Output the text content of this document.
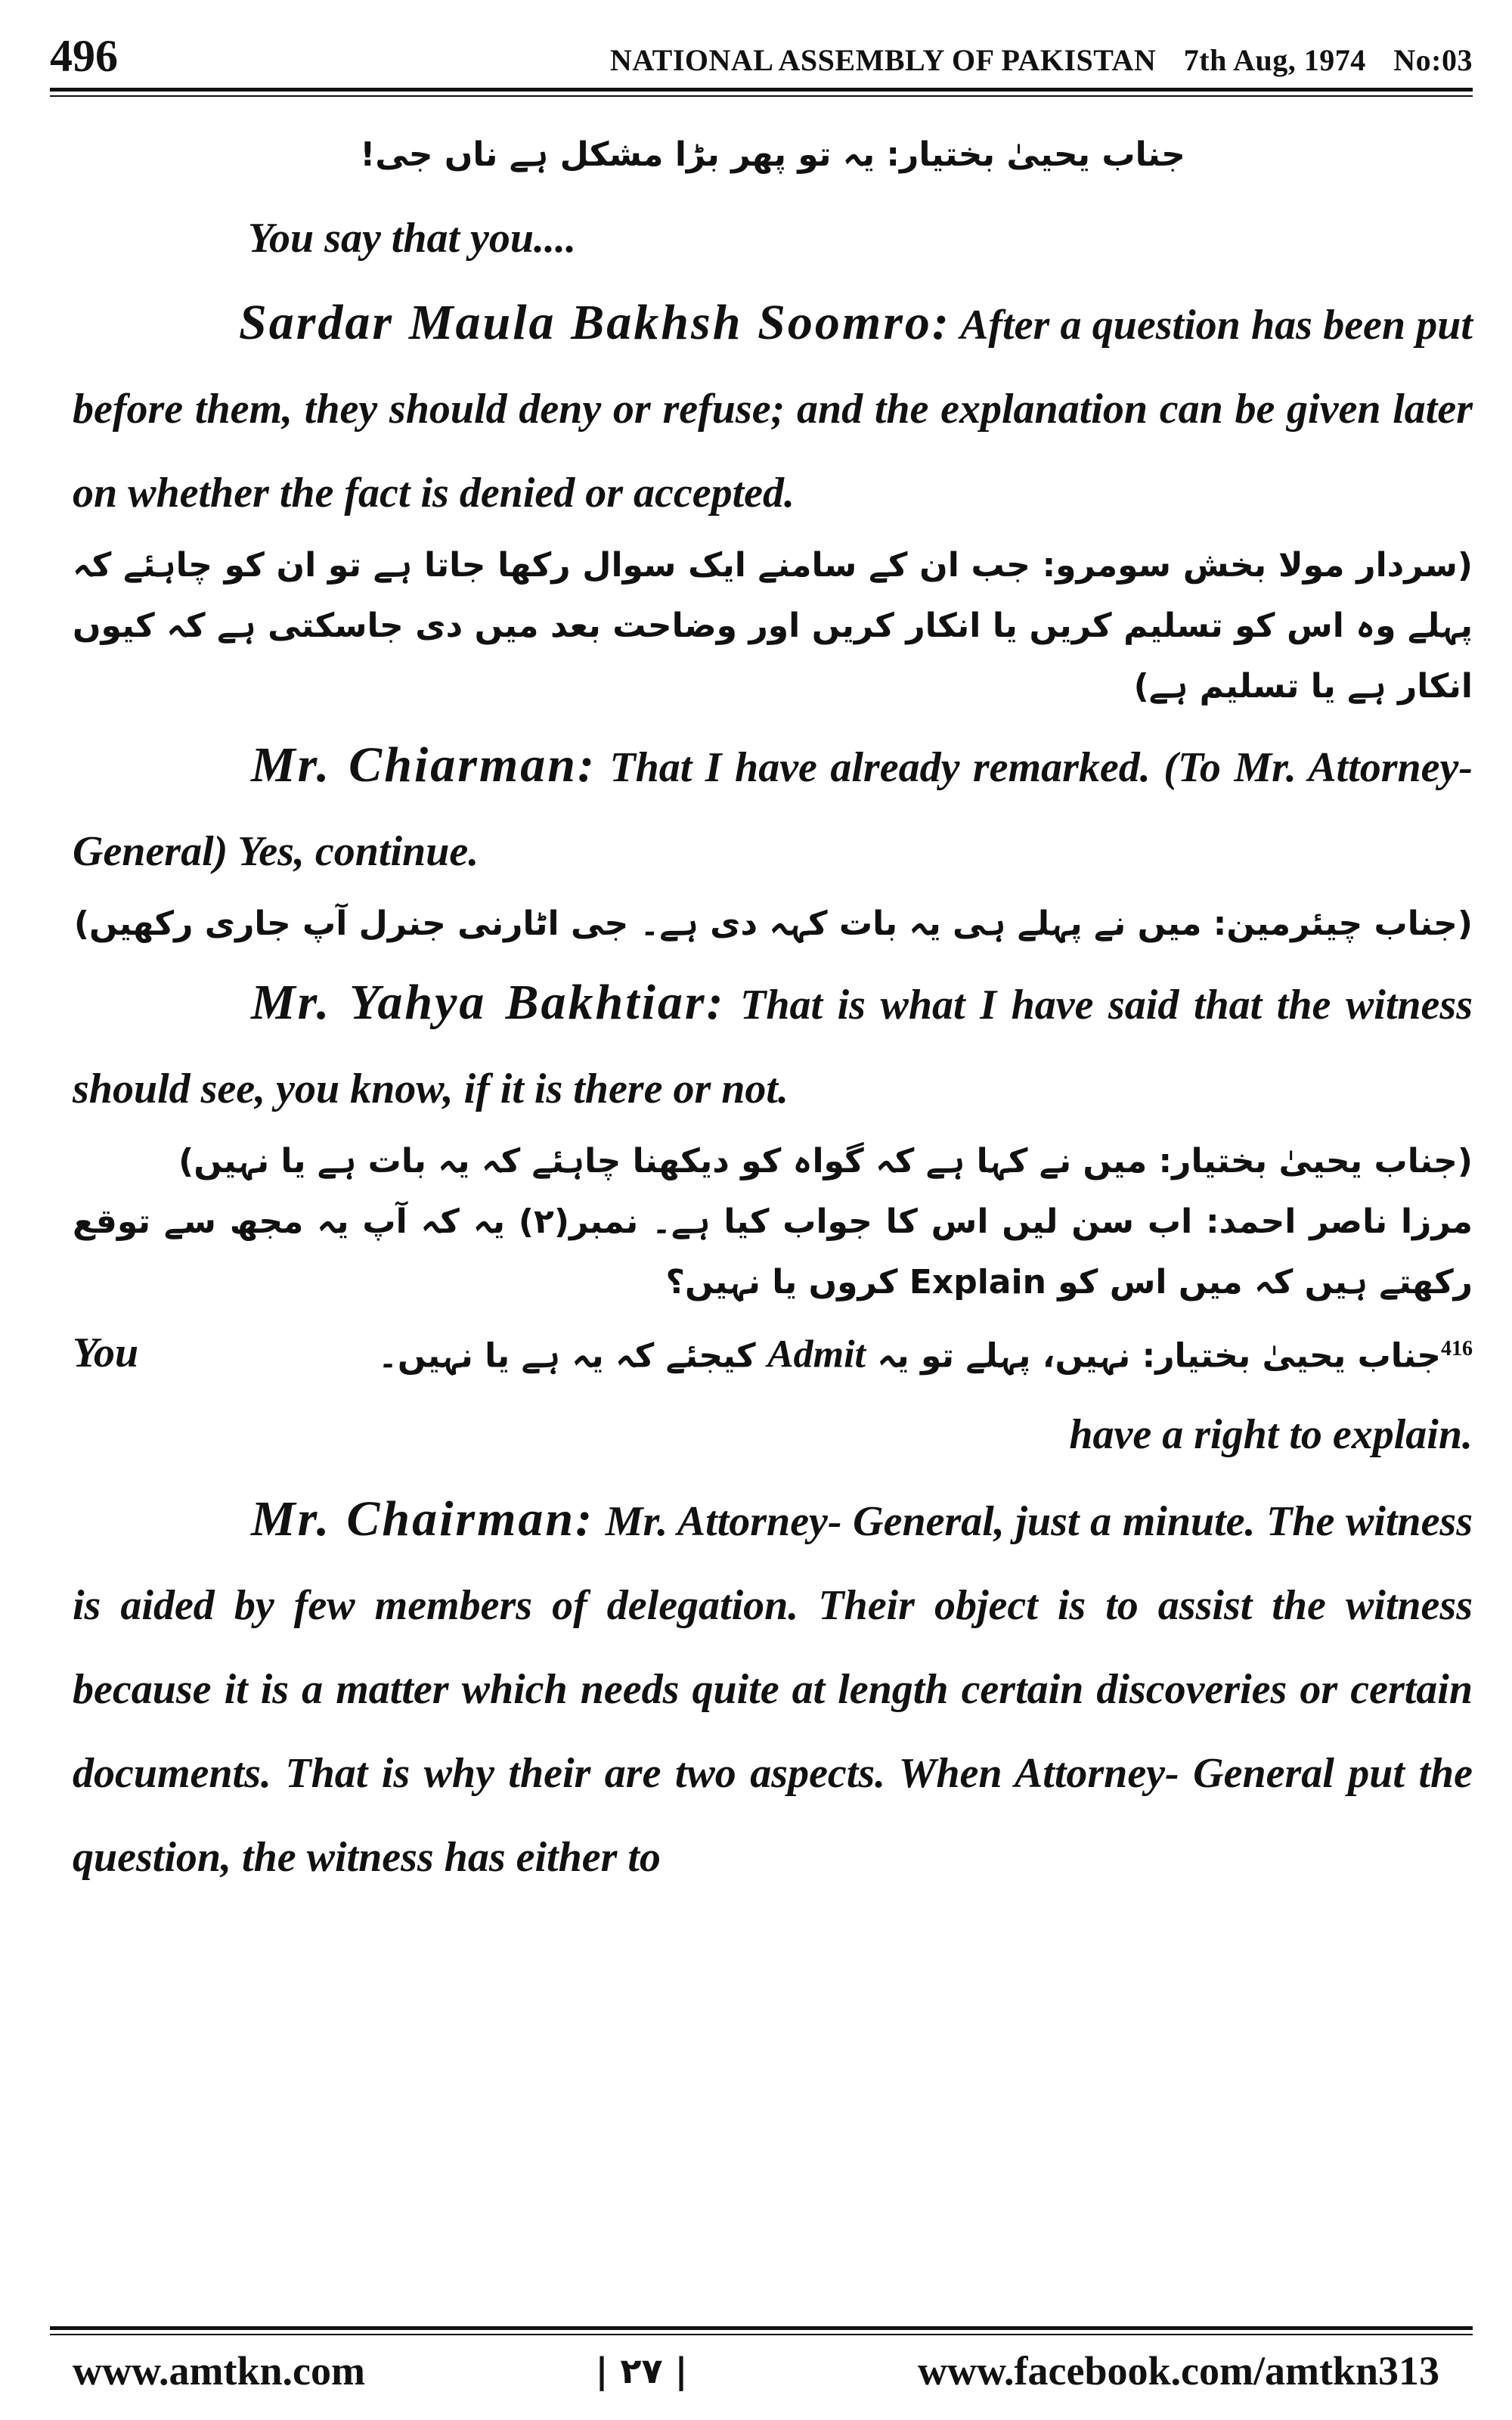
496	NATIONAL ASSEMBLY OF PAKISTAN 7th Aug, 1974 No:03

جناب یحییٰ بختیار: یہ تو پھر بڑا مشکل ہے ناں جی!

You say that you....

Sardar Maula Bakhsh Soomro: After a question has been put before them, they should deny or refuse; and the explanation can be given later on whether the fact is denied or accepted.

(سردار مولا بخش سومرو: جب ان کے سامنے ایک سوال رکھا جاتا ہے تو ان کو چاہئے کہ پہلے وہ اس کو تسلیم کریں یا انکار کریں اور وضاحت بعد میں دی جاسکتی ہے کہ کیوں انکار ہے یا تسلیم ہے)

Mr. Chiarman: That I have already remarked. (To Mr. Attorney- General) Yes, continue.

(جناب چیئرمین: میں نے پہلے ہی یہ بات کہہ دی ہے۔ جی اٹارنی جنرل آپ جاری رکھیں)

Mr. Yahya Bakhtiar: That is what I have said that the witness should see, you know, if it is there or not.

(جناب یحییٰ بختیار: میں نے کہا ہے کہ گواہ کو دیکھنا چاہئے کہ یہ بات ہے یا نہیں)

مرزا ناصر احمد: اب سن لیں اس کا جواب کیا ہے۔ نمبر(۲) یہ کہ آپ یہ مجھ سے توقع رکھتے ہیں کہ میں اس کو Explain کروں یا نہیں؟

You	$^{416}$جناب یحییٰ بختیار: نہیں، پہلے تو یہ Admit کیجئے کہ یہ ہے یا نہیں۔

have a right to explain.

Mr. Chairman: Mr. Attorney- General, just a minute. The witness is aided by few members of delegation. Their object is to assist the witness because it is a matter which needs quite at length certain discoveries or certain documents. That is why their are two aspects. When Attorney- General put the question, the witness has either to

www.amtkn.com	| ۲۷ |	www.facebook.com/amtkn313
